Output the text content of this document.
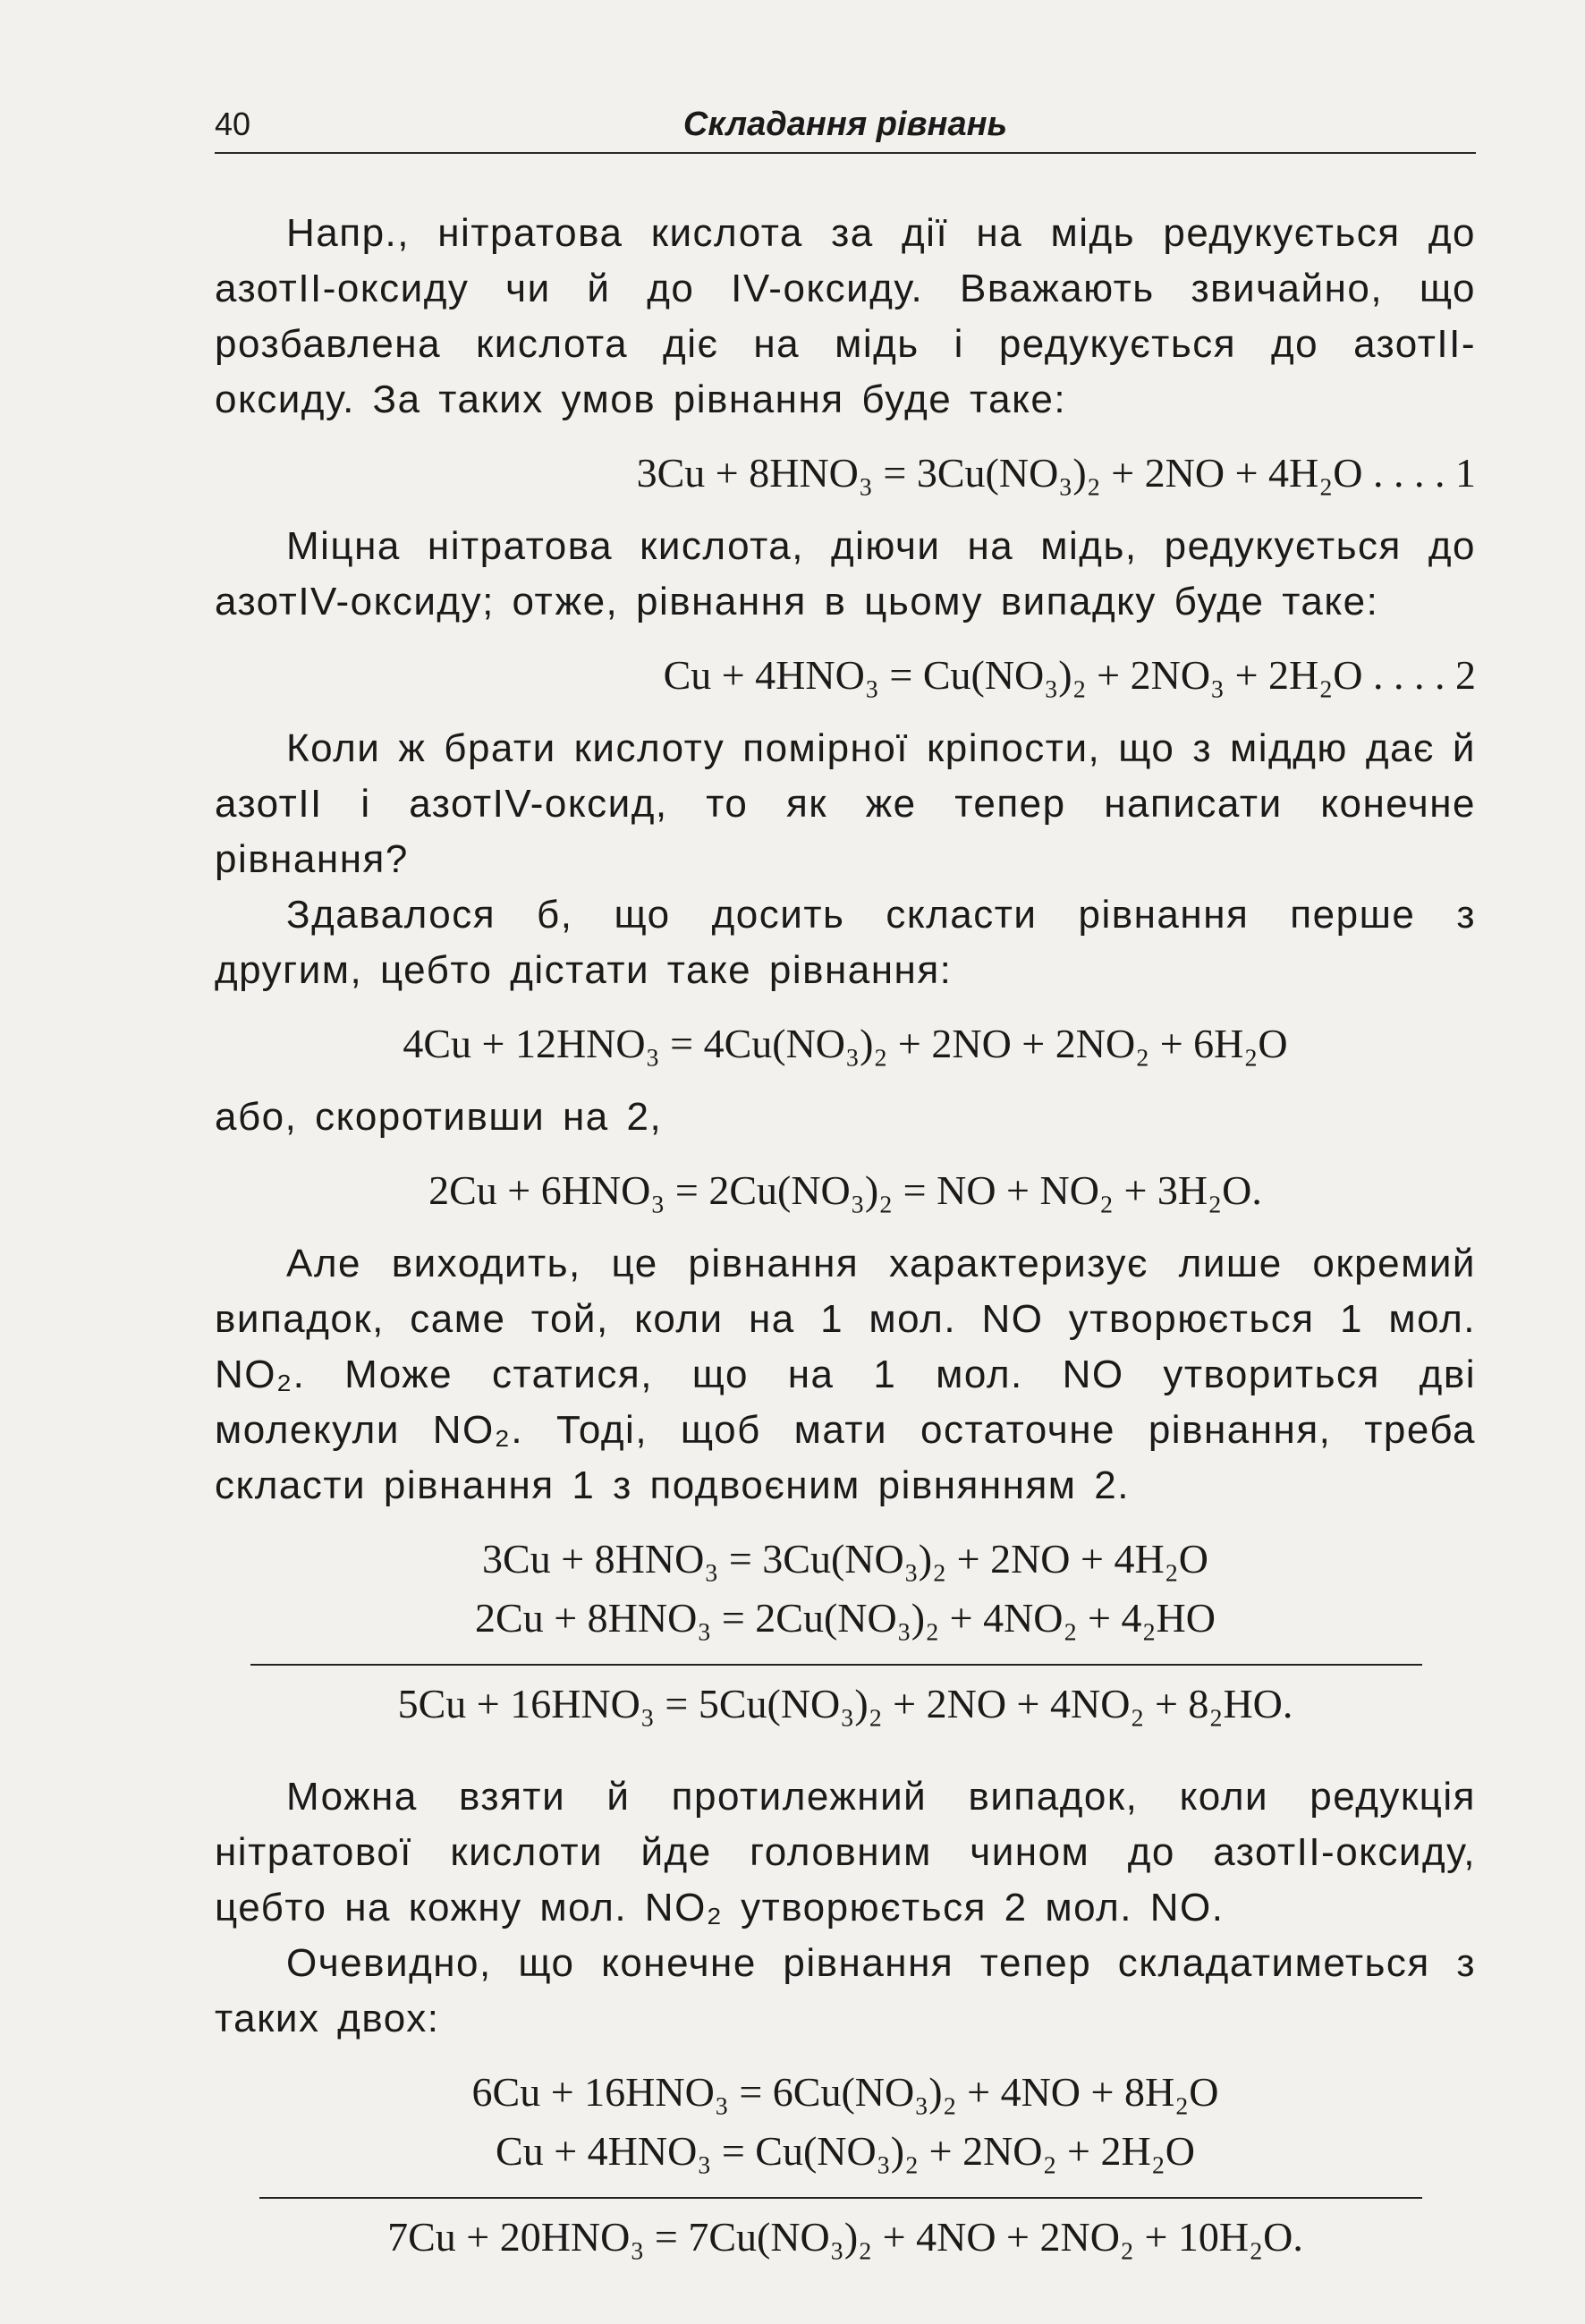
40	Складання рівнань

Напр., нітратова кислота за дії на мідь редукується до азотII-оксиду чи й до IV-оксиду. Вважають звичайно, що розбавлена кислота діє на мідь і редукується до азотII-оксиду. За таких умов рівнання буде таке:

3Cu + 8HNO₃ = 3Cu(NO₃)₂ + 2NO + 4H₂O . . . . 1

Міцна нітратова кислота, діючи на мідь, редукується до азотIV-оксиду; отже, рівнання в цьому випадку буде таке:

Cu + 4HNO₃ = Cu(NO₃)₂ + 2NO₃ + 2H₂O . . . . 2

Коли ж брати кислоту помірної кріпости, що з міддю дає й азотII і азотIV-оксид, то як же тепер написати конечне рівнання?

Здавалося б, що досить скласти рівнання перше з другим, цебто дістати таке рівнання:

4Cu + 12HNO₃ = 4Cu(NO₃)₂ + 2NO + 2NO₂ + 6H₂O

або, скоротивши на 2,

2Cu + 6HNO₃ = 2Cu(NO₃)₂ = NO + NO₂ + 3H₂O.

Але виходить, це рівнання характеризує лише окремий випадок, саме той, коли на 1 мол. NO утворюється 1 мол. NO₂. Може статися, що на 1 мол. NO утвориться дві молекули NO₂. Тоді, щоб мати остаточне рівнання, треба скласти рівнання 1 з подвоєним рівнянням 2.

3Cu + 8HNO₃ = 3Cu(NO₃)₂ + 2NO + 4H₂O
2Cu + 8HNO₃ = 2Cu(NO₃)₂ + 4NO₂ + 4₂HO
5Cu + 16HNO₃ = 5Cu(NO₃)₂ + 2NO + 4NO₂ + 8₂HO.

Можна взяти й протилежний випадок, коли редукція нітратової кислоти йде головним чином до азотII-оксиду, цебто на кожну мол. NO₂ утворюється 2 мол. NO.

Очевидно, що конечне рівнання тепер складатиметься з таких двох:

6Cu + 16HNO₃ = 6Cu(NO₃)₂ + 4NO + 8H₂O
Cu + 4HNO₃ = Cu(NO₃)₂ + 2NO₂ + 2H₂O
7Cu + 20HNO₃ = 7Cu(NO₃)₂ + 4NO + 2NO₂ + 10H₂O.
